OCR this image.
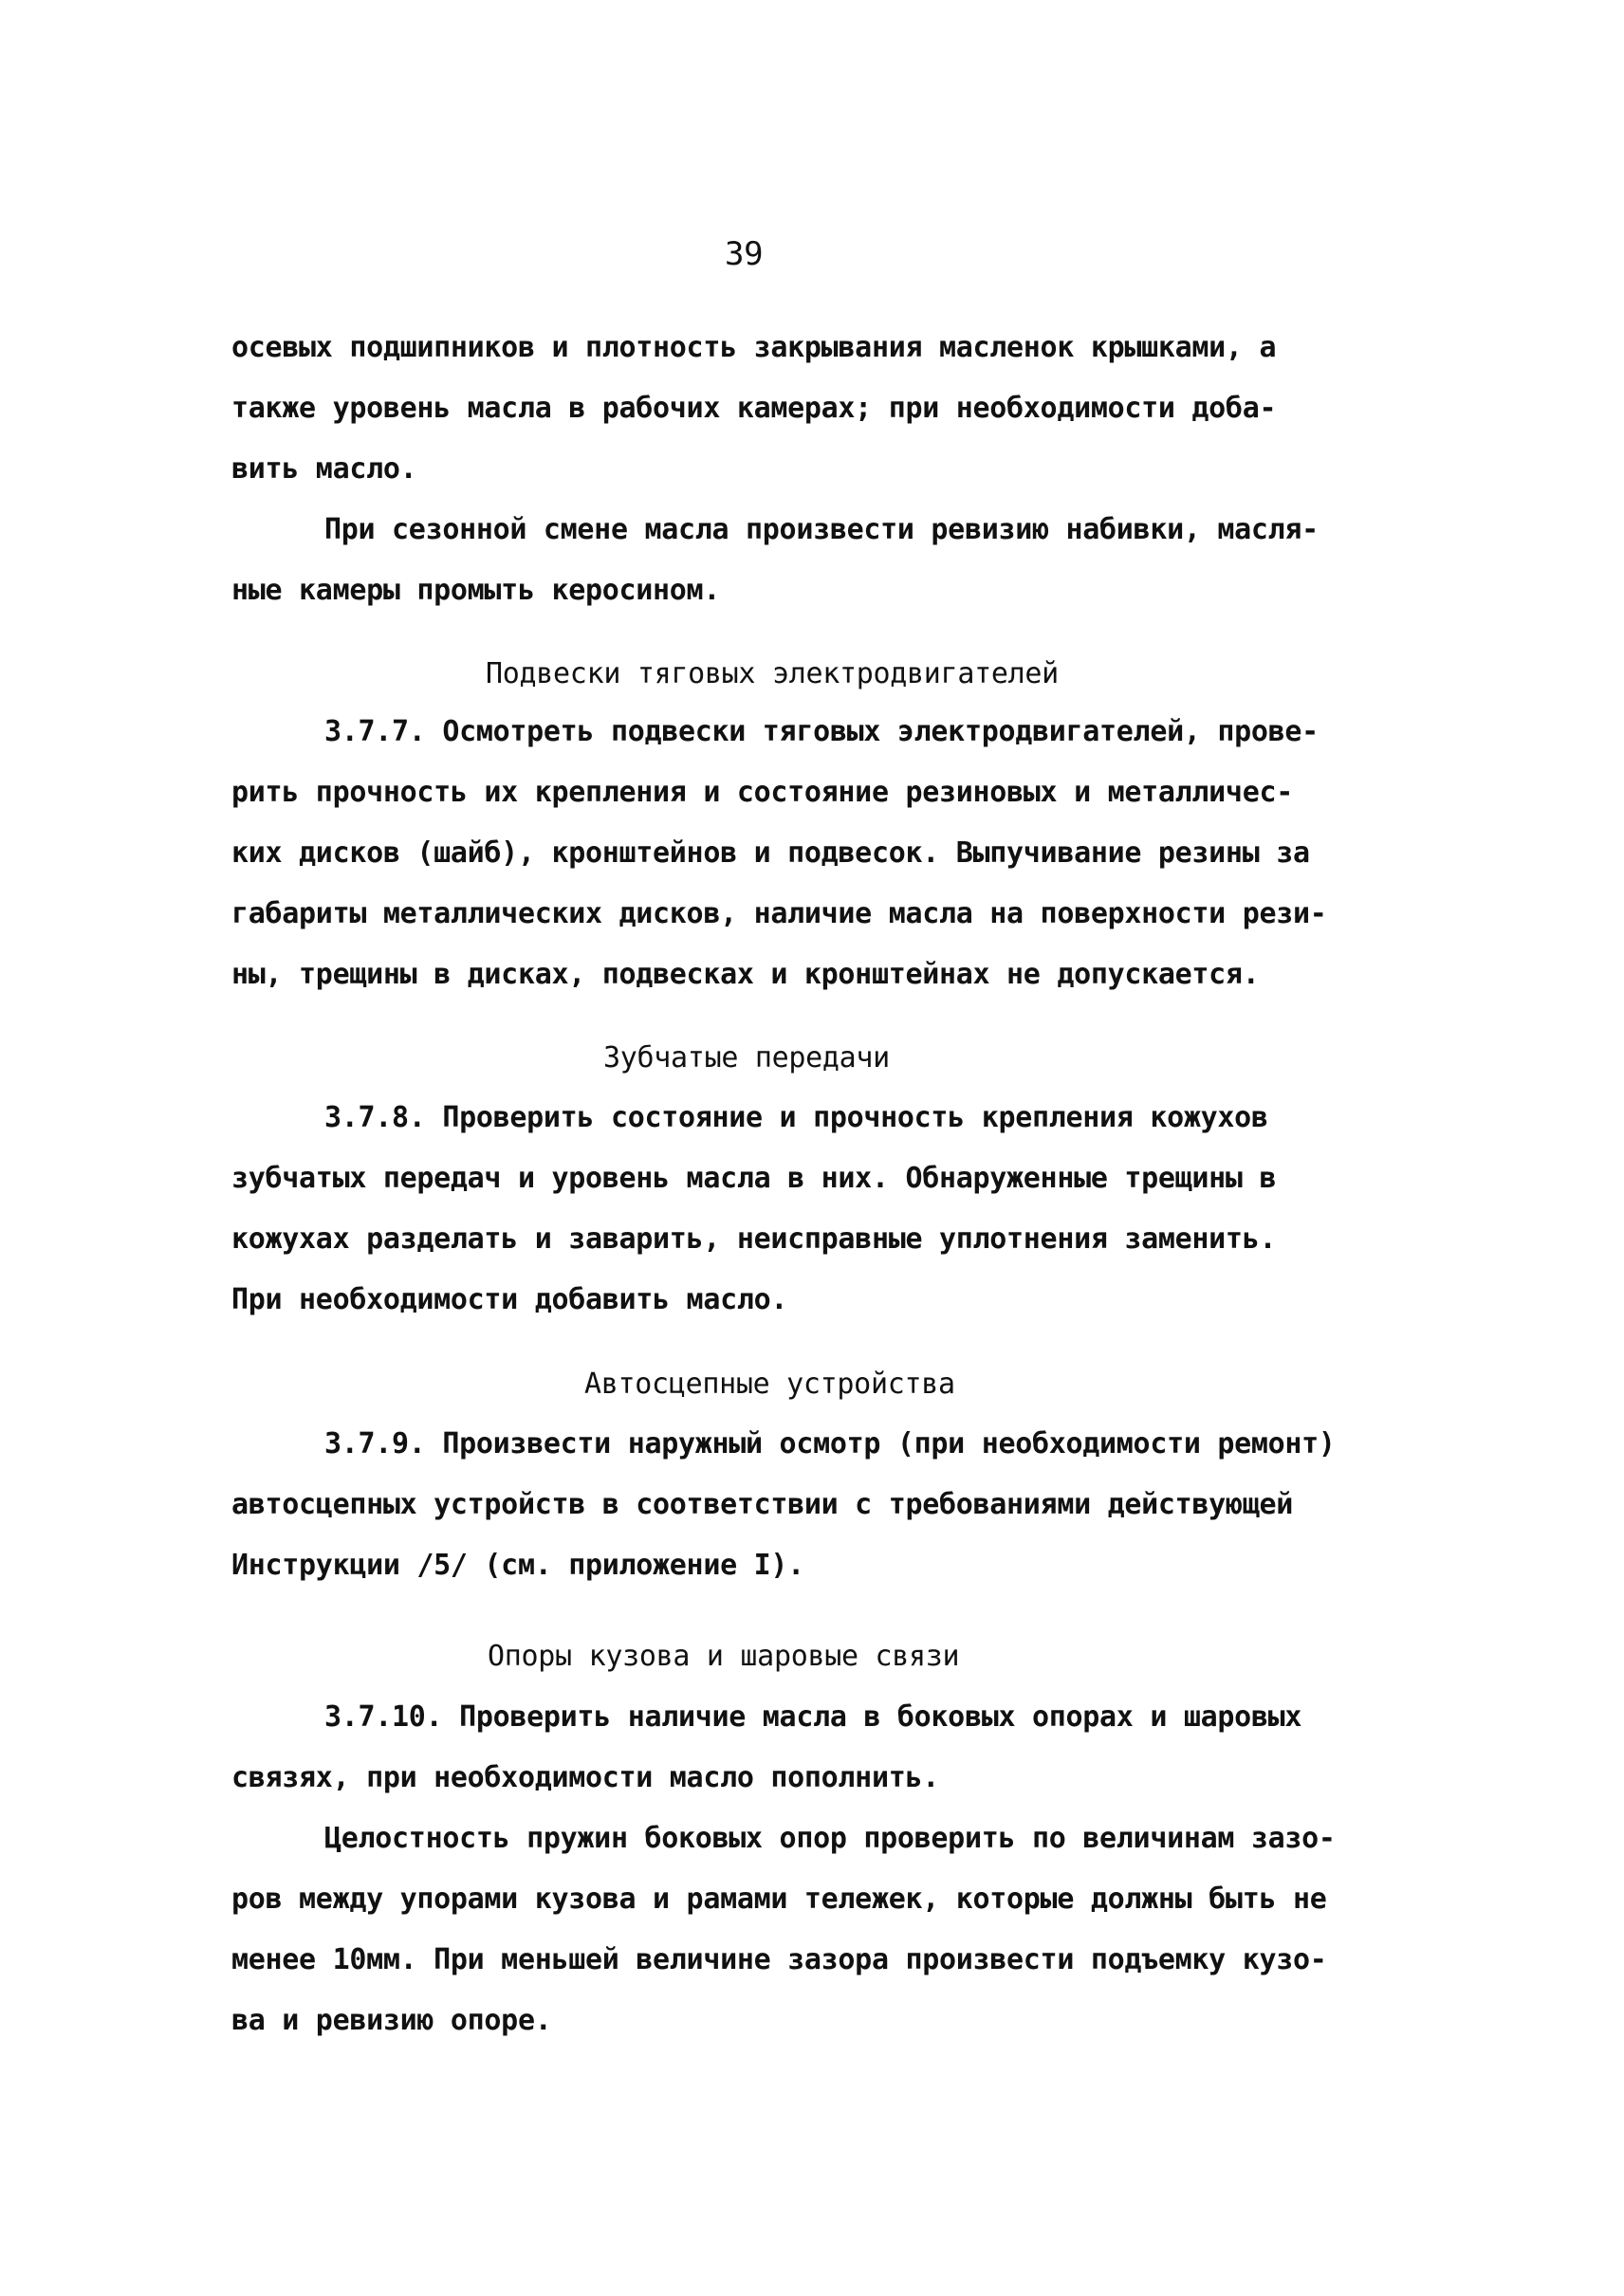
39
осевых подшипников и плотность закрывания масленок крышками, а
также уровень масла в рабочих камерах; при необходимости доба-
вить масло.
При сезонной смене масла произвести ревизию набивки, масля-
ные камеры промыть керосином.
Подвески тяговых электродвигателей
3.7.7. Осмотреть подвески тяговых электродвигателей, прове-
рить прочность их крепления и состояние резиновых и металличес-
ких дисков (шайб), кронштейнов и подвесок. Выпучивание резины за
габариты металлических дисков, наличие масла на поверхности рези-
ны, трещины в дисках, подвесках и кронштейнах не допускается.
Зубчатые передачи
3.7.8. Проверить состояние и прочность крепления кожухов
зубчатых передач и уровень масла в них. Обнаруженные трещины в
кожухах разделать и заварить, неисправные уплотнения заменить.
При необходимости добавить масло.
Автосцепные устройства
3.7.9. Произвести наружный осмотр (при необходимости ремонт)
автосцепных устройств в соответствии с требованиями действующей
Инструкции /5/ (см. приложение I).
Опоры кузова и шаровые связи
3.7.10. Проверить наличие масла в боковых опорах и шаровых
связях, при необходимости масло пополнить.
Целостность пружин боковых опор проверить по величинам зазо-
ров между упорами кузова и рамами тележек, которые должны быть не
менее 10мм. При меньшей величине зазора произвести подъемку кузо-
ва и ревизию опоре.
